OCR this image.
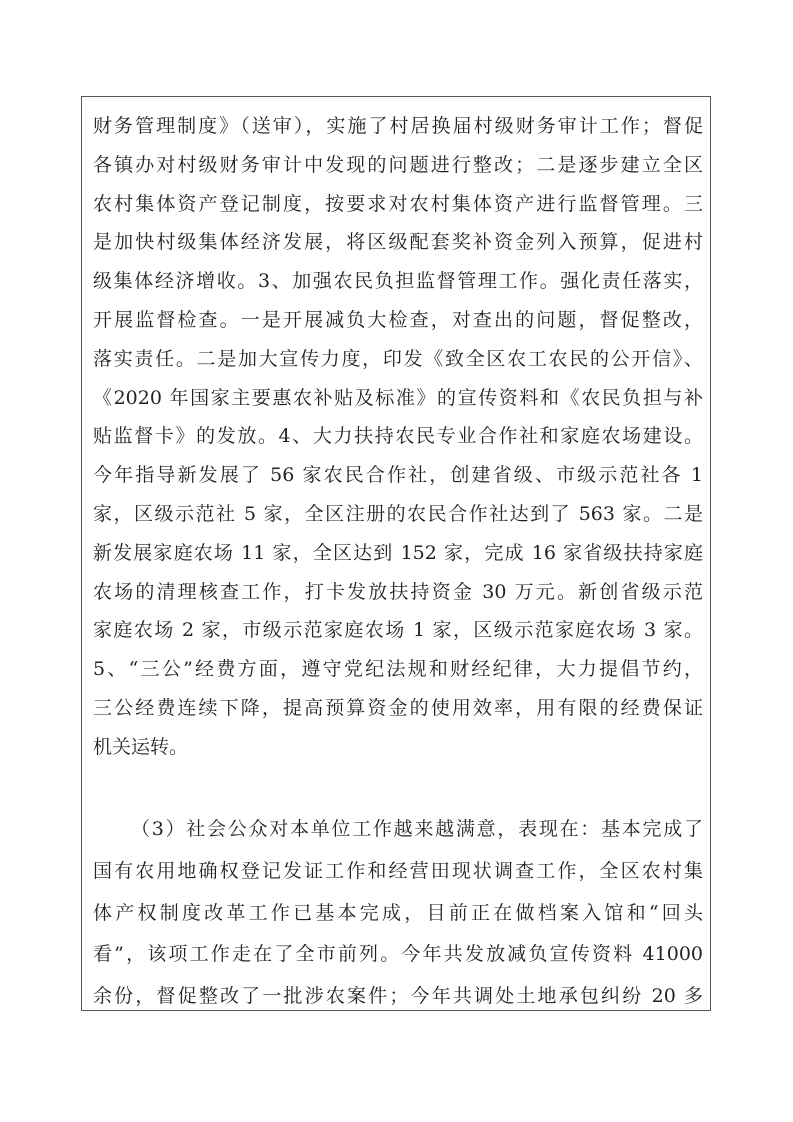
财务管理制度》（送审），实施了村居换届村级财务审计工作；督促
各镇办对村级财务审计中发现的问题进行整改；二是逐步建立全区
农村集体资产登记制度，按要求对农村集体资产进行监督管理。三
是加快村级集体经济发展，将区级配套奖补资金列入预算，促进村
级集体经济增收。3、加强农民负担监督管理工作。强化责任落实，
开展监督检查。一是开展减负大检查，对查出的问题，督促整改，
落实责任。二是加大宣传力度，印发《致全区农工农民的公开信》、
《2020 年国家主要惠农补贴及标准》的宣传资料和《农民负担与补
贴监督卡》的发放。4、大力扶持农民专业合作社和家庭农场建设。
今年指导新发展了 56 家农民合作社，创建省级、市级示范社各 1
家，区级示范社 5 家，全区注册的农民合作社达到了 563 家。二是
新发展家庭农场 11 家，全区达到 152 家，完成 16 家省级扶持家庭
农场的清理核查工作，打卡发放扶持资金 30 万元。新创省级示范
家庭农场 2 家，市级示范家庭农场 1 家，区级示范家庭农场 3 家。
5、“三公”经费方面，遵守党纪法规和财经纪律，大力提倡节约，
三公经费连续下降，提高预算资金的使用效率，用有限的经费保证
机关运转。
（3）社会公众对本单位工作越来越满意，表现在：基本完成了
国有农用地确权登记发证工作和经营田现状调查工作，全区农村集
体产权制度改革工作已基本完成，目前正在做档案入馆和“回头
看”，该项工作走在了全市前列。今年共发放减负宣传资料 41000
余份，督促整改了一批涉农案件；今年共调处土地承包纠纷 20 多
